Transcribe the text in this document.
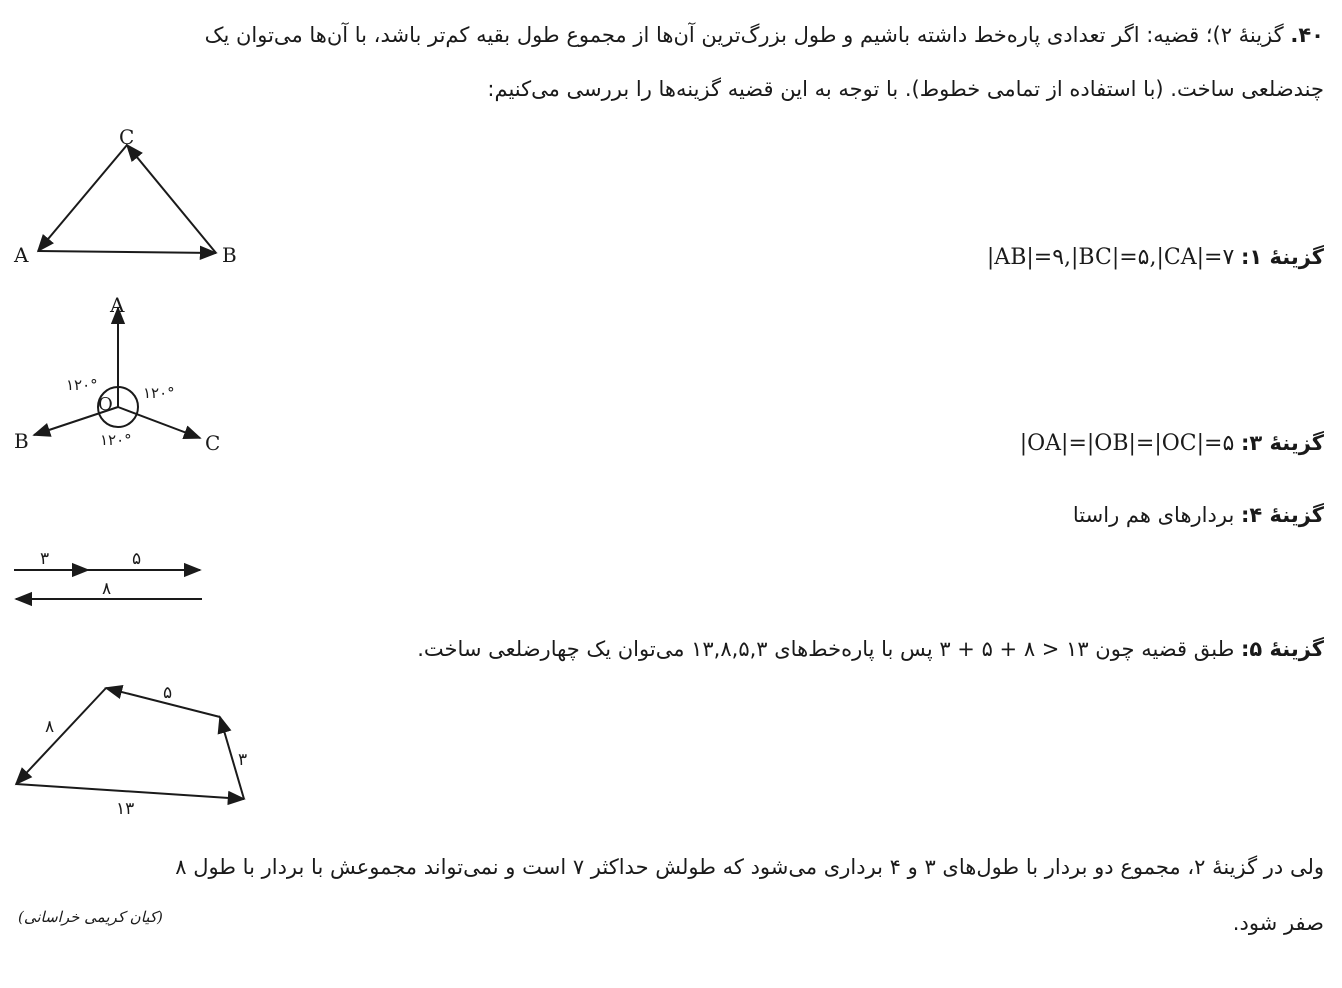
۴۰. گزینهٔ ۲)؛ قضیه: اگر تعدادی پاره‌خط داشته باشیم و طول بزرگ‌ترین آن‌ها از مجموع طول بقیه کم‌تر باشد، با آن‌ها می‌توان یک
چندضلعی ساخت. (با استفاده از تمامی خطوط). با توجه به این قضیه گزینه‌ها را بررسی می‌کنیم:
گزینهٔ ۱: |AB|=۹,|BC|=۵,|CA|=۷
گزینهٔ ۳: |OA|=|OB|=|OC|=۵
گزینهٔ ۴: بردارهای هم راستا
گزینهٔ ۵: طبق قضیه چون ۱۳ < ۸ + ۵ + ۳ پس با پاره‌خط‌های ۱۳,۸,۵,۳ می‌توان یک چهارضلعی ساخت.
ولی در گزینهٔ ۲، مجموع دو بردار با طول‌های ۳ و ۴ برداری می‌شود که طولش حداکثر ۷ است و نمی‌تواند مجموعش با بردار با طول ۸
صفر شود.
(کیان کریمی خراسانی)
A	B
C
A
B	C
O
۱۲۰°	۱۲۰°
۱۲۰°
۳	۵
۸
۸
۵
۳
۱۳
